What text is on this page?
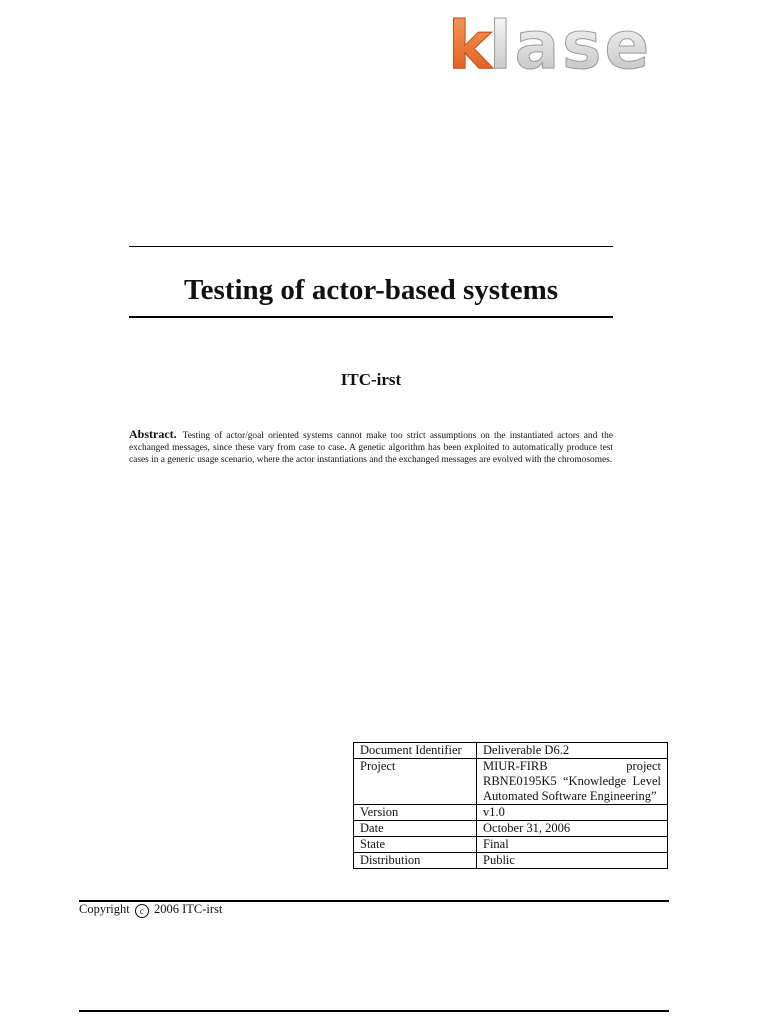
k
lase
Testing of actor-based systems
ITC-irst
Abstract. Testing of actor/goal oriented systems cannot make too strict assumptions on the instantiated actors and the exchanged messages, since these vary from case to case. A genetic algorithm has been exploited to automatically produce test cases in a generic usage scenario, where the actor instantiations and the exchanged messages are evolved with the chromosomes.
Document Identifier	Deliverable D6.2
Project	MIUR-FIRB project RBNE0195K5 “Knowledge Level Automated Software Engineering”
Version	v1.0
Date	October 31, 2006
State	Final
Distribution	Public
Copyright c 2006 ITC-irst
